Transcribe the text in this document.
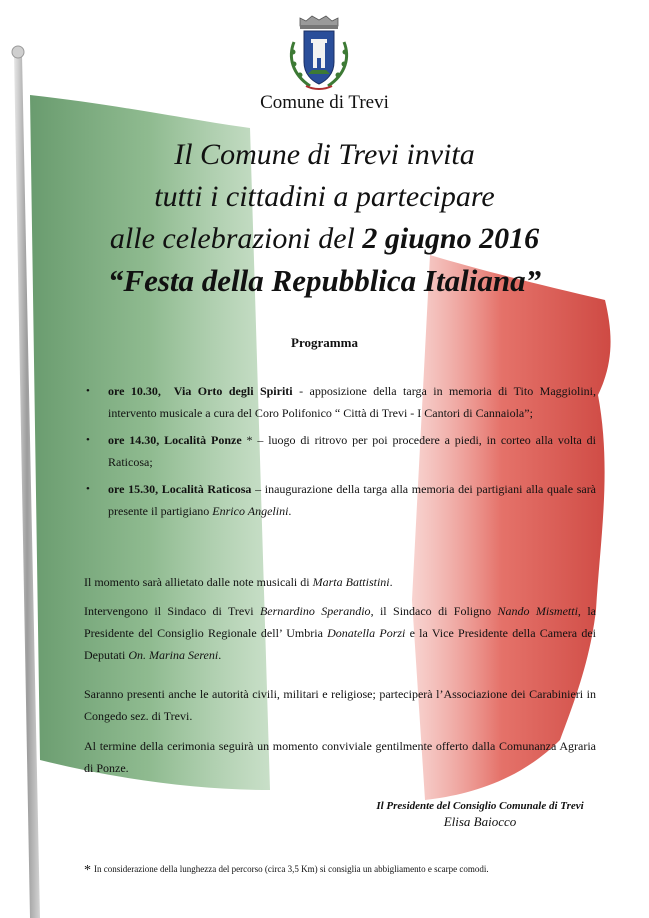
Comune di Trevi
Il Comune di Trevi invita
tutti i cittadini a partecipare
alle celebrazioni del 2 giugno 2016
“Festa della Repubblica Italiana”
Programma
• ore 10.30, Via Orto degli Spiriti - apposizione della targa in memoria di Tito Maggiolini, intervento musicale a cura del Coro Polifonico “ Città di Trevi - I Cantori di Cannaiola”;
• ore 14.30, Località Ponze * – luogo di ritrovo per poi procedere a piedi, in corteo alla volta di Raticosa;
• ore 15.30, Località Raticosa – inaugurazione della targa alla memoria dei partigiani alla quale sarà presente il partigiano Enrico Angelini.
Il momento sarà allietato dalle note musicali di Marta Battistini.
Intervengono il Sindaco di Trevi Bernardino Sperandio, il Sindaco di Foligno Nando Mismetti, la Presidente del Consiglio Regionale dell’ Umbria Donatella Porzi e la Vice Presidente della Camera dei Deputati On. Marina Sereni.
Saranno presenti anche le autorità civili, militari e religiose; parteciperà l’Associazione dei Carabinieri in Congedo sez. di Trevi.
Al termine della cerimonia seguirà un momento conviviale gentilmente offerto dalla Comunanza Agraria di Ponze.
Il Presidente del Consiglio Comunale di Trevi
Elisa Baiocco
* In considerazione della lunghezza del percorso (circa 3,5 Km) si consiglia un abbigliamento e scarpe comodi.
